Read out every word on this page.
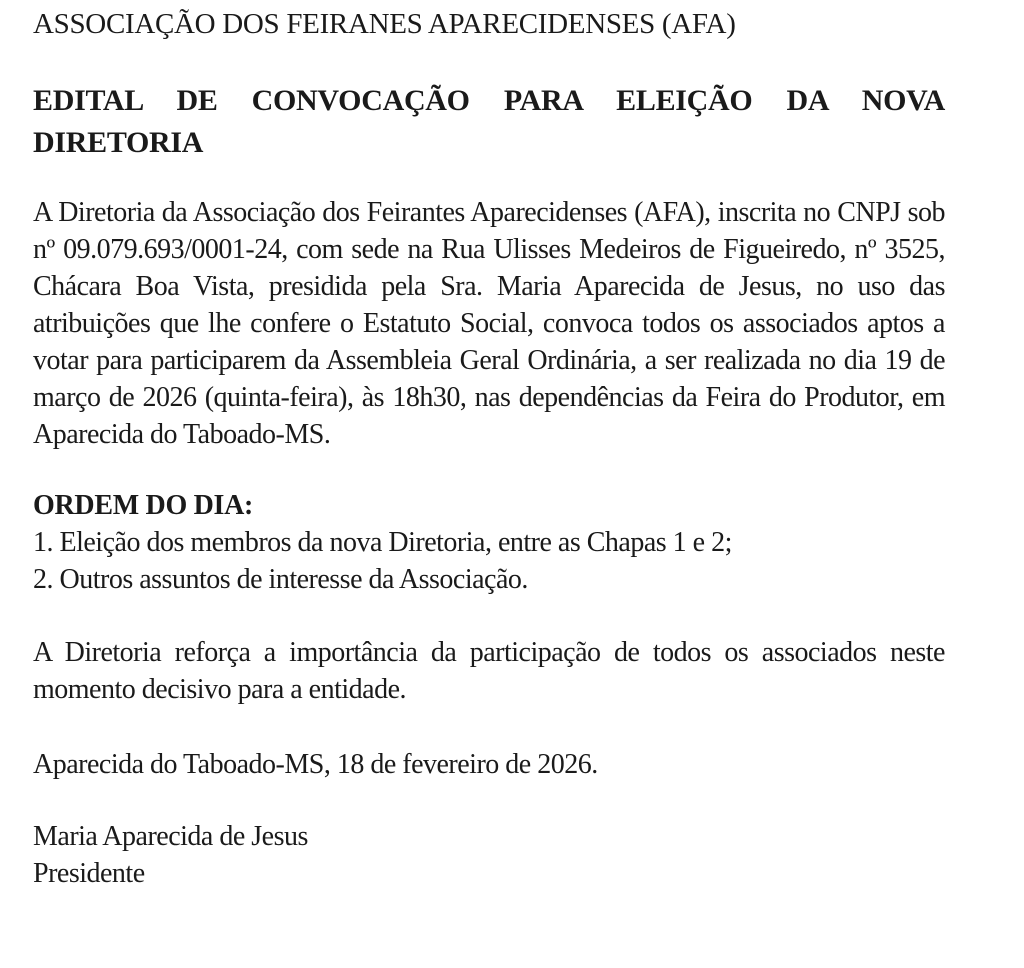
ASSOCIAÇÃO DOS FEIRANES APARECIDENSES (AFA)

EDITAL DE CONVOCAÇÃO PARA ELEIÇÃO DA NOVA DIRETORIA

A Diretoria da Associação dos Feirantes Aparecidenses (AFA), inscrita no CNPJ sob nº 09.079.693/0001-24, com sede na Rua Ulisses Medeiros de Figueiredo, nº 3525, Chácara Boa Vista, presidida pela Sra. Maria Aparecida de Jesus, no uso das atribuições que lhe confere o Estatuto Social, convoca todos os associados aptos a votar para participarem da Assembleia Geral Ordinária, a ser realizada no dia 19 de março de 2026 (quinta-feira), às 18h30, nas dependências da Feira do Produtor, em Aparecida do Taboado-MS.

ORDEM DO DIA:

1. Eleição dos membros da nova Diretoria, entre as Chapas 1 e 2;

2. Outros assuntos de interesse da Associação.

A Diretoria reforça a importância da participação de todos os associados neste momento decisivo para a entidade.

Aparecida do Taboado-MS, 18 de fevereiro de 2026.

Maria Aparecida de Jesus

Presidente
